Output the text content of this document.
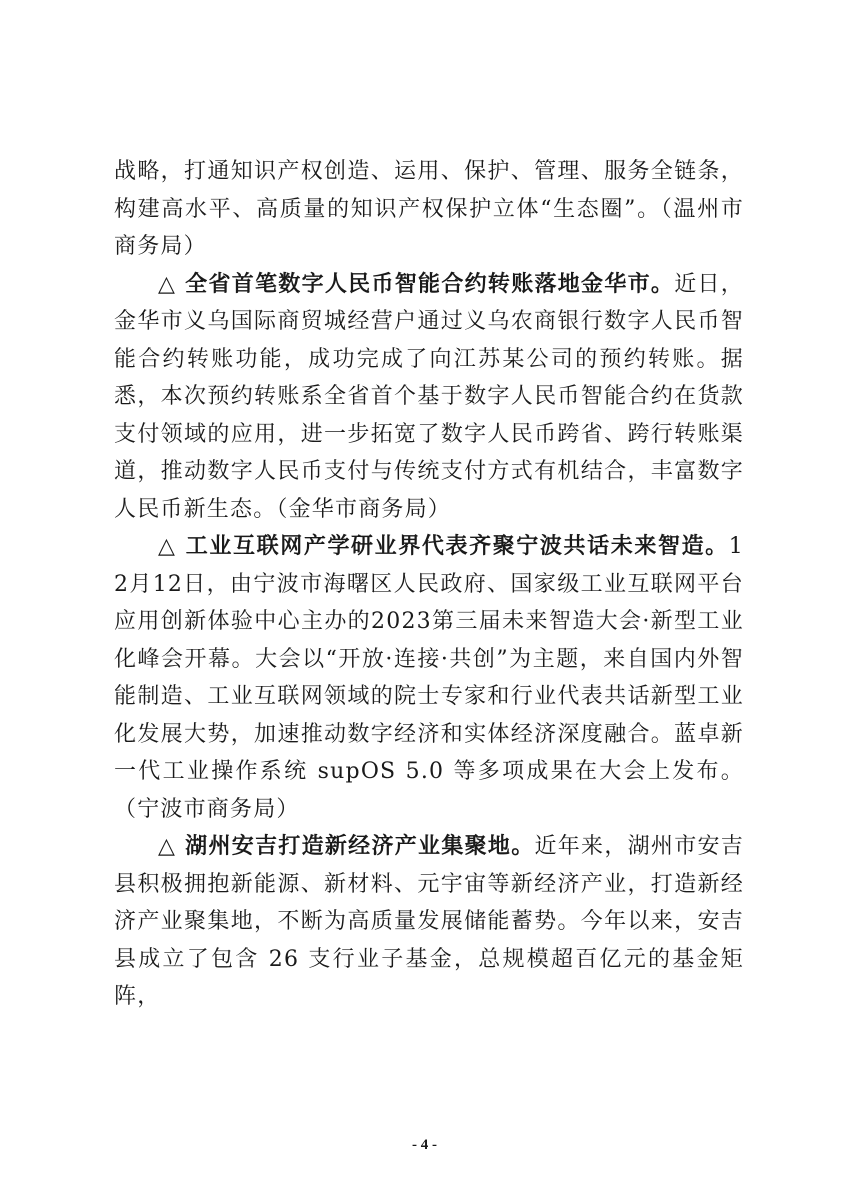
战略，打通知识产权创造、运用、保护、管理、服务全链条，构建高水平、高质量的知识产权保护立体“生态圈”。（温州市商务局）

△ 全省首笔数字人民币智能合约转账落地金华市。近日，金华市义乌国际商贸城经营户通过义乌农商银行数字人民币智能合约转账功能，成功完成了向江苏某公司的预约转账。据悉，本次预约转账系全省首个基于数字人民币智能合约在货款支付领域的应用，进一步拓宽了数字人民币跨省、跨行转账渠道，推动数字人民币支付与传统支付方式有机结合，丰富数字人民币新生态。（金华市商务局）

△ 工业互联网产学研业界代表齐聚宁波共话未来智造。12月12日，由宁波市海曙区人民政府、国家级工业互联网平台应用创新体验中心主办的2023第三届未来智造大会·新型工业化峰会开幕。大会以“开放·连接·共创”为主题，来自国内外智能制造、工业互联网领域的院士专家和行业代表共话新型工业化发展大势，加速推动数字经济和实体经济深度融合。蓝卓新一代工业操作系统 supOS 5.0 等多项成果在大会上发布。（宁波市商务局）

△ 湖州安吉打造新经济产业集聚地。近年来，湖州市安吉县积极拥抱新能源、新材料、元宇宙等新经济产业，打造新经济产业聚集地，不断为高质量发展储能蓄势。今年以来，安吉县成立了包含 26 支行业子基金，总规模超百亿元的基金矩阵，

- 4 -
